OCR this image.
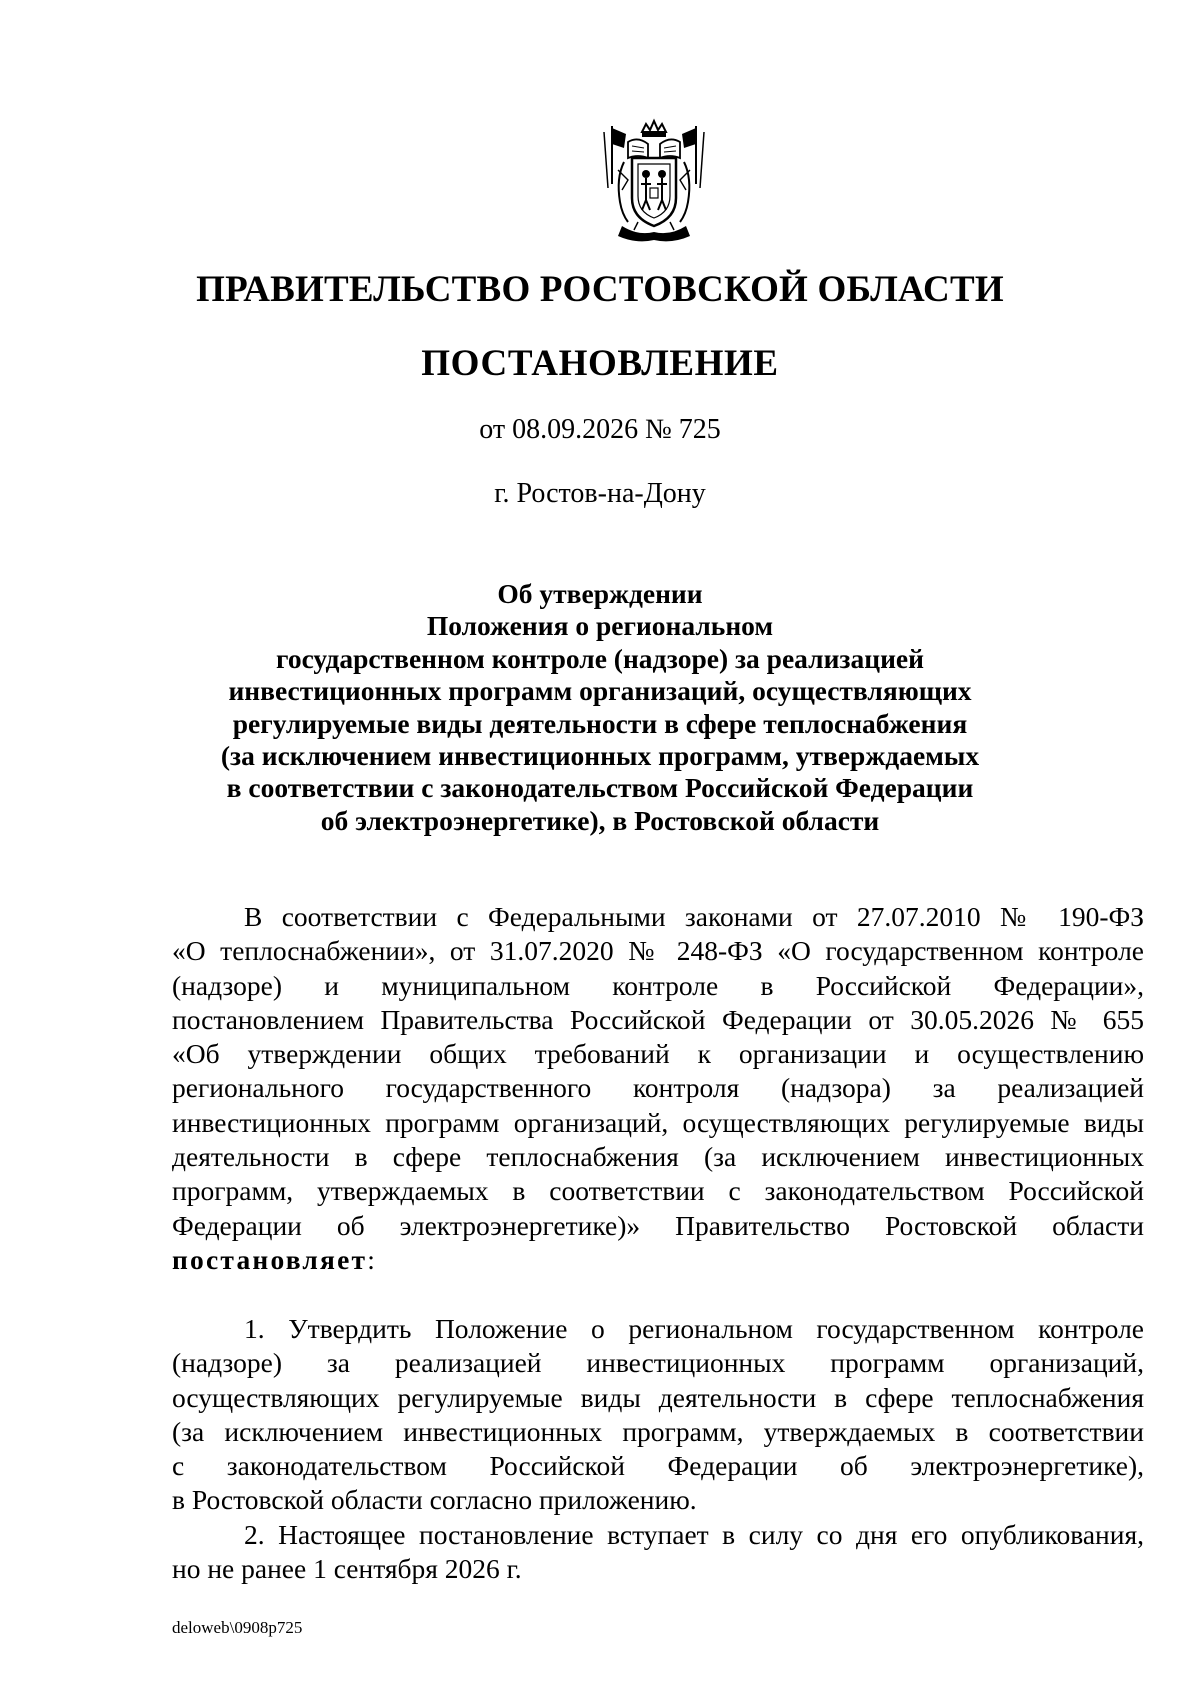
ПРАВИТЕЛЬСТВО РОСТОВСКОЙ ОБЛАСТИ
ПОСТАНОВЛЕНИЕ
от 08.09.2026 № 725
г. Ростов-на-Дону
Об утверждении
Положения о региональном
государственном контроле (надзоре) за реализацией
инвестиционных программ организаций, осуществляющих
регулируемые виды деятельности в сфере теплоснабжения
(за исключением инвестиционных программ, утверждаемых
в соответствии с законодательством Российской Федерации
об электроэнергетике), в Ростовской области
В соответствии с Федеральными законами от 27.07.2010 № 190-ФЗ
«О теплоснабжении», от 31.07.2020 № 248-ФЗ «О государственном контроле
(надзоре) и муниципальном контроле в Российской Федерации»,
постановлением Правительства Российской Федерации от 30.05.2026 № 655
«Об утверждении общих требований к организации и осуществлению
регионального государственного контроля (надзора) за реализацией
инвестиционных программ организаций, осуществляющих регулируемые виды
деятельности в сфере теплоснабжения (за исключением инвестиционных
программ, утверждаемых в соответствии с законодательством Российской
Федерации об электроэнергетике)» Правительство Ростовской области
постановляет:
1. Утвердить Положение о региональном государственном контроле
(надзоре) за реализацией инвестиционных программ организаций,
осуществляющих регулируемые виды деятельности в сфере теплоснабжения
(за исключением инвестиционных программ, утверждаемых в соответствии
с законодательством Российской Федерации об электроэнергетике),
в Ростовской области согласно приложению.
2. Настоящее постановление вступает в силу со дня его опубликования,
но не ранее 1 сентября 2026 г.
deloweb\0908p725
